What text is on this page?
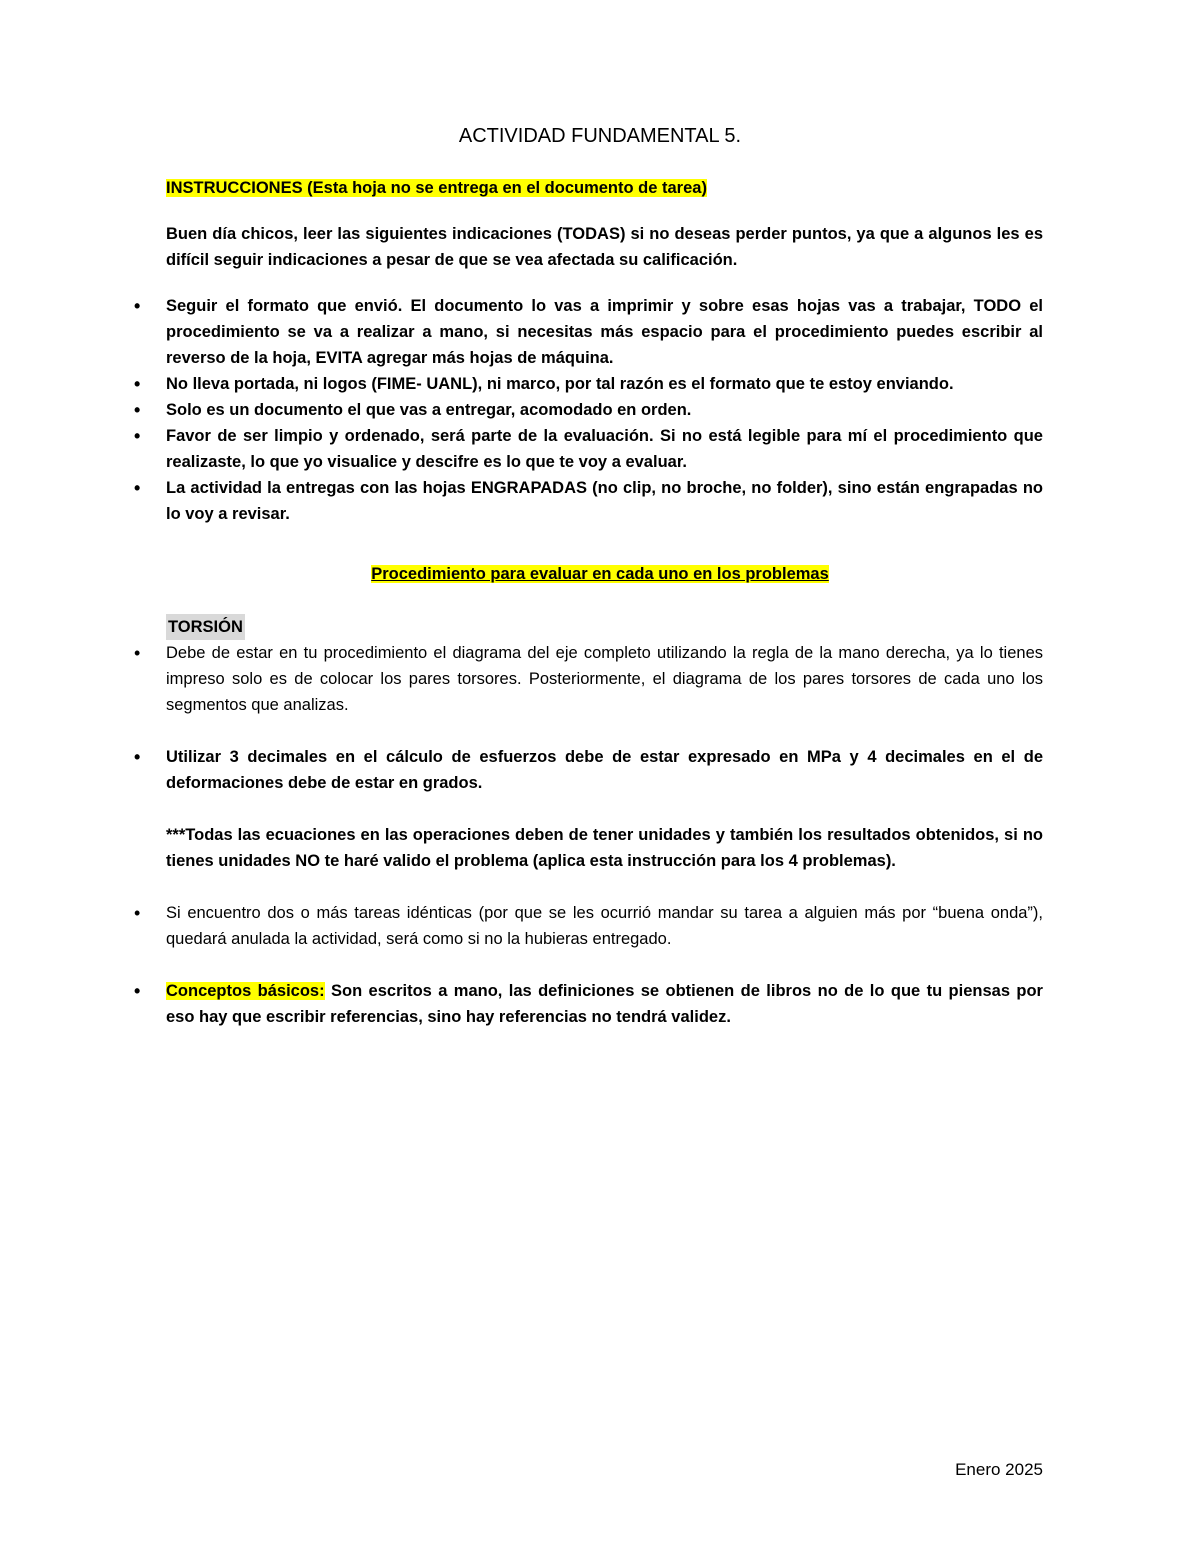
ACTIVIDAD FUNDAMENTAL 5.

INSTRUCCIONES (Esta hoja no se entrega en el documento de tarea)

Buen día chicos, leer las siguientes indicaciones (TODAS) si no deseas perder puntos, ya que a algunos les es difícil seguir indicaciones a pesar de que se vea afectada su calificación.

• Seguir el formato que envió. El documento lo vas a imprimir y sobre esas hojas vas a trabajar, TODO el procedimiento se va a realizar a mano, si necesitas más espacio para el procedimiento puedes escribir al reverso de la hoja, EVITA agregar más hojas de máquina.
• No lleva portada, ni logos (FIME- UANL), ni marco, por tal razón es el formato que te estoy enviando.
• Solo es un documento el que vas a entregar, acomodado en orden.
• Favor de ser limpio y ordenado, será parte de la evaluación. Si no está legible para mí el procedimiento que realizaste, lo que yo visualice y descifre es lo que te voy a evaluar.
• La actividad la entregas con las hojas ENGRAPADAS (no clip, no broche, no folder), sino están engrapadas no lo voy a revisar.
Procedimiento para evaluar en cada uno en los problemas

TORSIÓN

• Debe de estar en tu procedimiento el diagrama del eje completo utilizando la regla de la mano derecha, ya lo tienes impreso solo es de colocar los pares torsores. Posteriormente, el diagrama de los pares torsores de cada uno los segmentos que analizas.
• Utilizar 3 decimales en el cálculo de esfuerzos debe de estar expresado en MPa y 4 decimales en el de deformaciones debe de estar en grados.

***Todas las ecuaciones en las operaciones deben de tener unidades y también los resultados obtenidos, si no tienes unidades NO te haré valido el problema (aplica esta instrucción para los 4 problemas).

• Si encuentro dos o más tareas idénticas (por que se les ocurrió mandar su tarea a alguien más por “buena onda”), quedará anulada la actividad, será como si no la hubieras entregado.
• Conceptos básicos: Son escritos a mano, las definiciones se obtienen de libros no de lo que tu piensas por eso hay que escribir referencias, sino hay referencias no tendrá validez.
Enero 2025
